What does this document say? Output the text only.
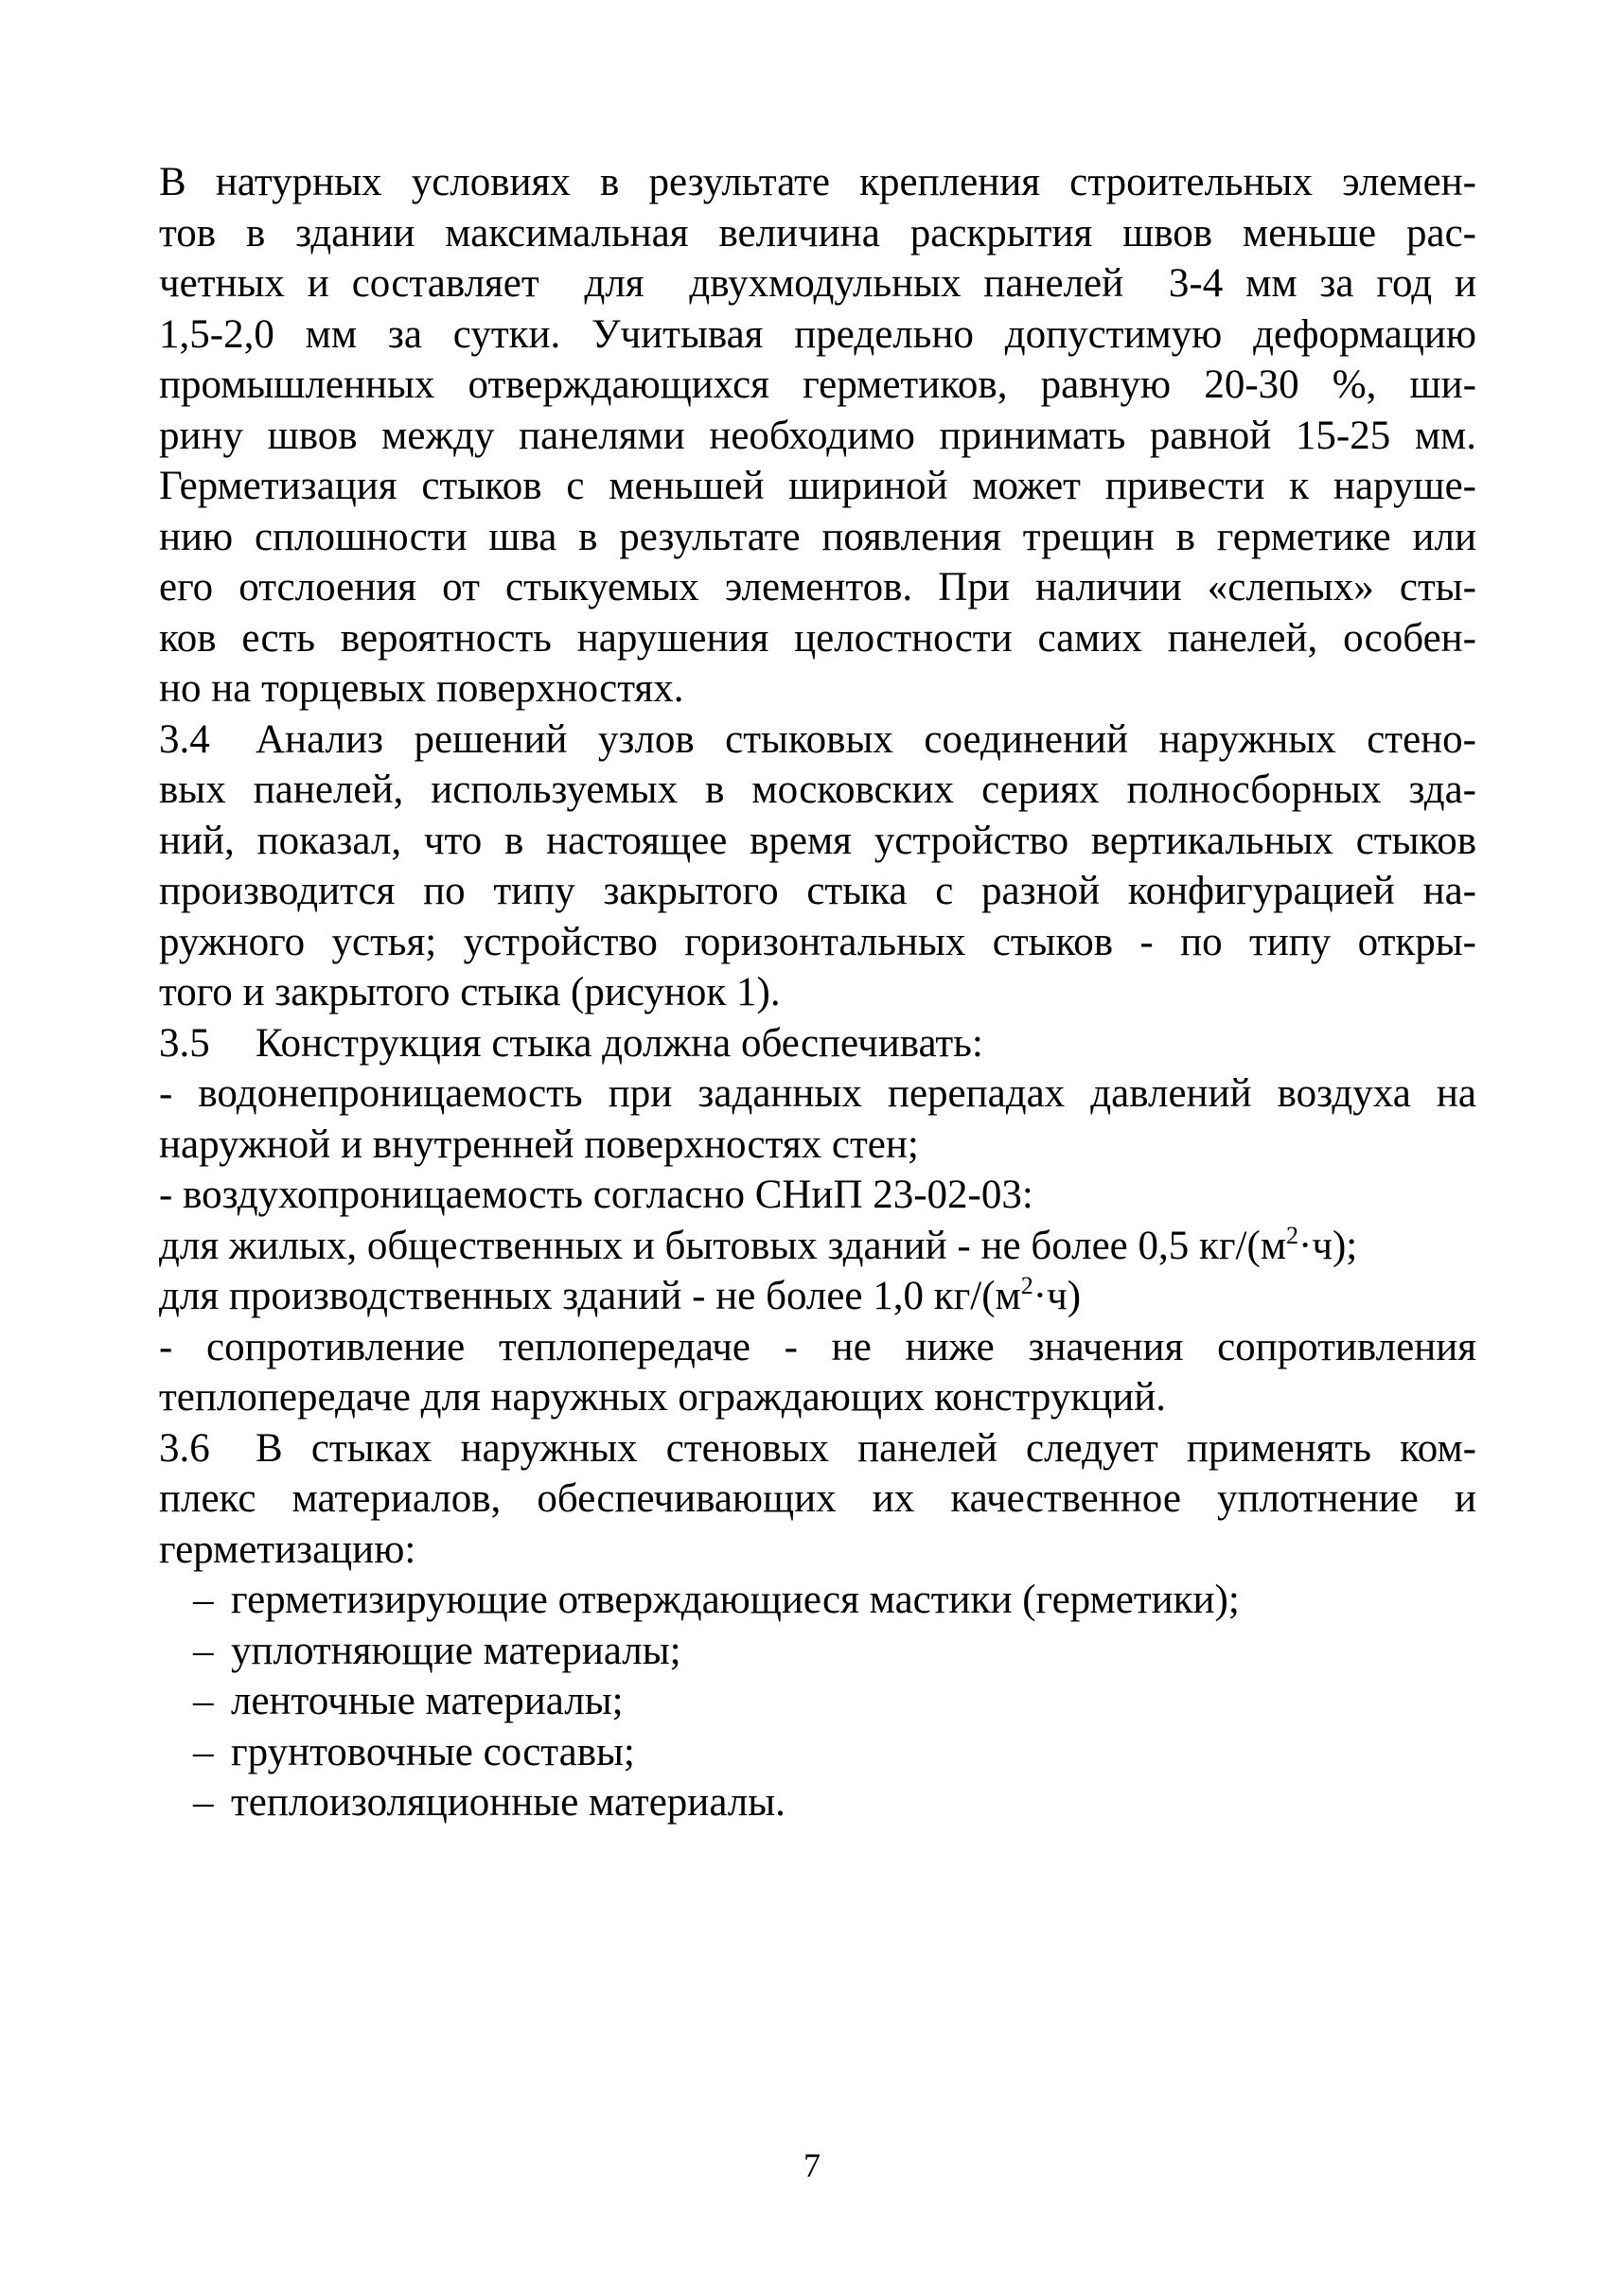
В натурных условиях в результате крепления строительных элемен-
тов в здании максимальная величина раскрытия швов меньше рас-
четных и составляет  для  двухмодульных панелей  3-4 мм за год и
1,5-2,0 мм за сутки. Учитывая предельно допустимую деформацию
промышленных отверждающихся герметиков, равную 20-30 %, ши-
рину швов между панелями необходимо принимать равной 15-25 мм.
Герметизация стыков с меньшей шириной может привести к наруше-
нию сплошности шва в результате появления трещин в герметике или
его отслоения от стыкуемых элементов. При наличии «слепых» сты-
ков есть вероятность нарушения целостности самих панелей, особен-
но на торцевых поверхностях.
3.4 Анализ решений узлов стыковых соединений наружных стено-
вых панелей, используемых в московских сериях полносборных зда-
ний, показал, что в настоящее время устройство вертикальных стыков
производится по типу закрытого стыка с разной конфигурацией на-
ружного устья; устройство горизонтальных стыков - по типу откры-
того и закрытого стыка (рисунок 1).
3.5 Конструкция стыка должна обеспечивать:
- водонепроницаемость при заданных перепадах давлений воздуха на
наружной и внутренней поверхностях стен;
- воздухопроницаемость согласно СНиП 23-02-03:
для жилых, общественных и бытовых зданий - не более 0,5 $кг/(м^2\cdot ч)$;
для производственных зданий - не более 1,0 $кг/(м^2\cdot ч)$
- сопротивление теплопередаче - не ниже значения сопротивления
теплопередаче для наружных ограждающих конструкций.
3.6 В стыках наружных стеновых панелей следует применять ком-
плекс материалов, обеспечивающих их качественное уплотнение и
герметизацию:
– герметизирующие отверждающиеся мастики (герметики);
– уплотняющие материалы;
– ленточные материалы;
– грунтовочные составы;
– теплоизоляционные материалы.
7
